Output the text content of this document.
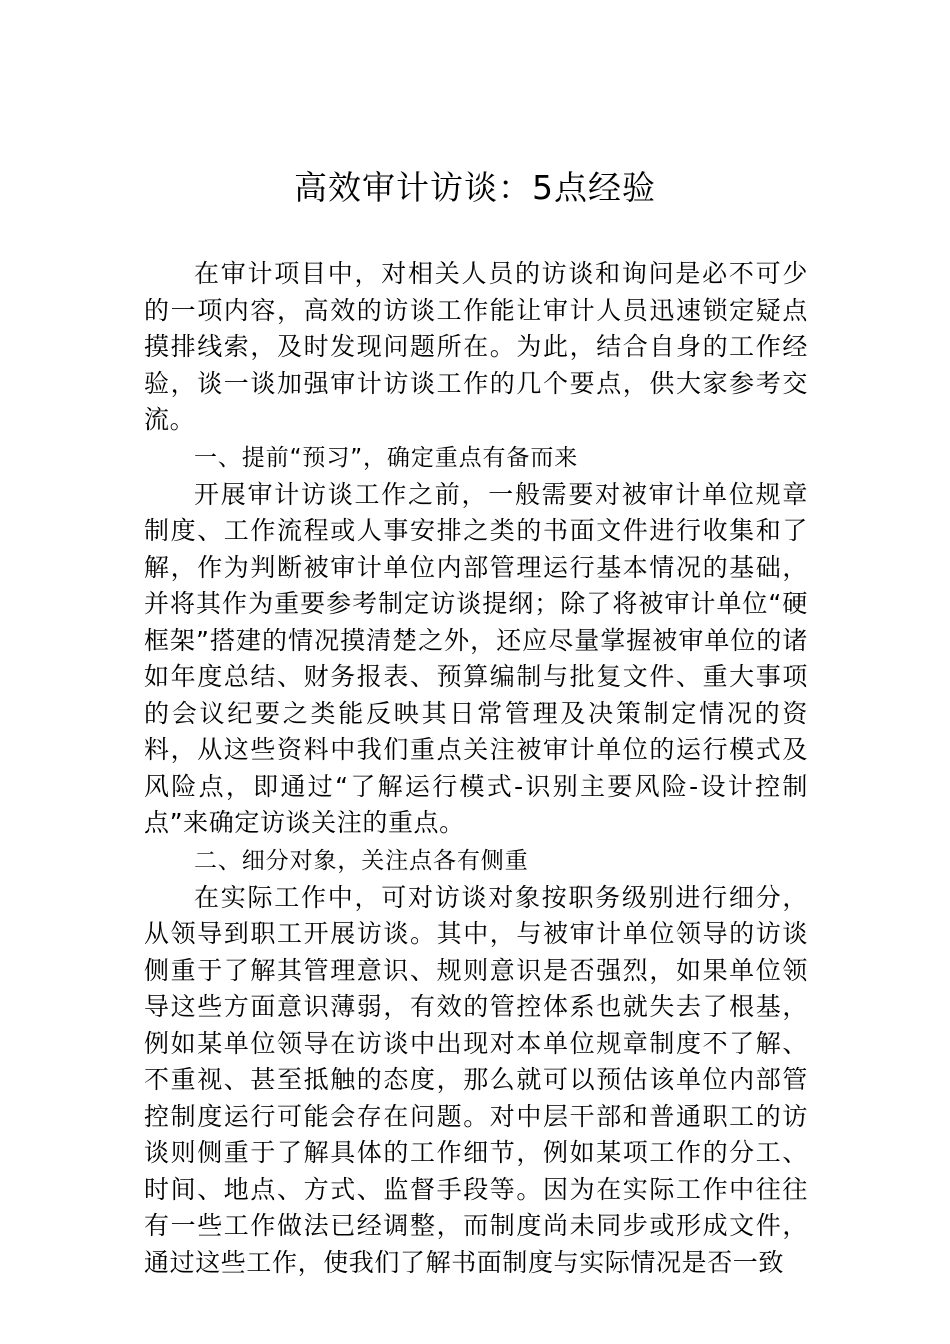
高效审计访谈：5点经验

在审计项目中，对相关人员的访谈和询问是必不可少的一项内容，高效的访谈工作能让审计人员迅速锁定疑点摸排线索，及时发现问题所在。为此，结合自身的工作经验，谈一谈加强审计访谈工作的几个要点，供大家参考交流。

一、提前“预习”，确定重点有备而来

开展审计访谈工作之前，一般需要对被审计单位规章制度、工作流程或人事安排之类的书面文件进行收集和了解，作为判断被审计单位内部管理运行基本情况的基础，并将其作为重要参考制定访谈提纲；除了将被审计单位“硬框架”搭建的情况摸清楚之外，还应尽量掌握被审单位的诸如年度总结、财务报表、预算编制与批复文件、重大事项的会议纪要之类能反映其日常管理及决策制定情况的资料，从这些资料中我们重点关注被审计单位的运行模式及风险点，即通过“了解运行模式-识别主要风险-设计控制点”来确定访谈关注的重点。

二、细分对象，关注点各有侧重

在实际工作中，可对访谈对象按职务级别进行细分，从领导到职工开展访谈。其中，与被审计单位领导的访谈侧重于了解其管理意识、规则意识是否强烈，如果单位领导这些方面意识薄弱，有效的管控体系也就失去了根基，例如某单位领导在访谈中出现对本单位规章制度不了解、不重视、甚至抵触的态度，那么就可以预估该单位内部管控制度运行可能会存在问题。对中层干部和普通职工的访谈则侧重于了解具体的工作细节，例如某项工作的分工、时间、地点、方式、监督手段等。因为在实际工作中往往有一些工作做法已经调整，而制度尚未同步或形成文件，通过这些工作，使我们了解书面制度与实际情况是否一致
